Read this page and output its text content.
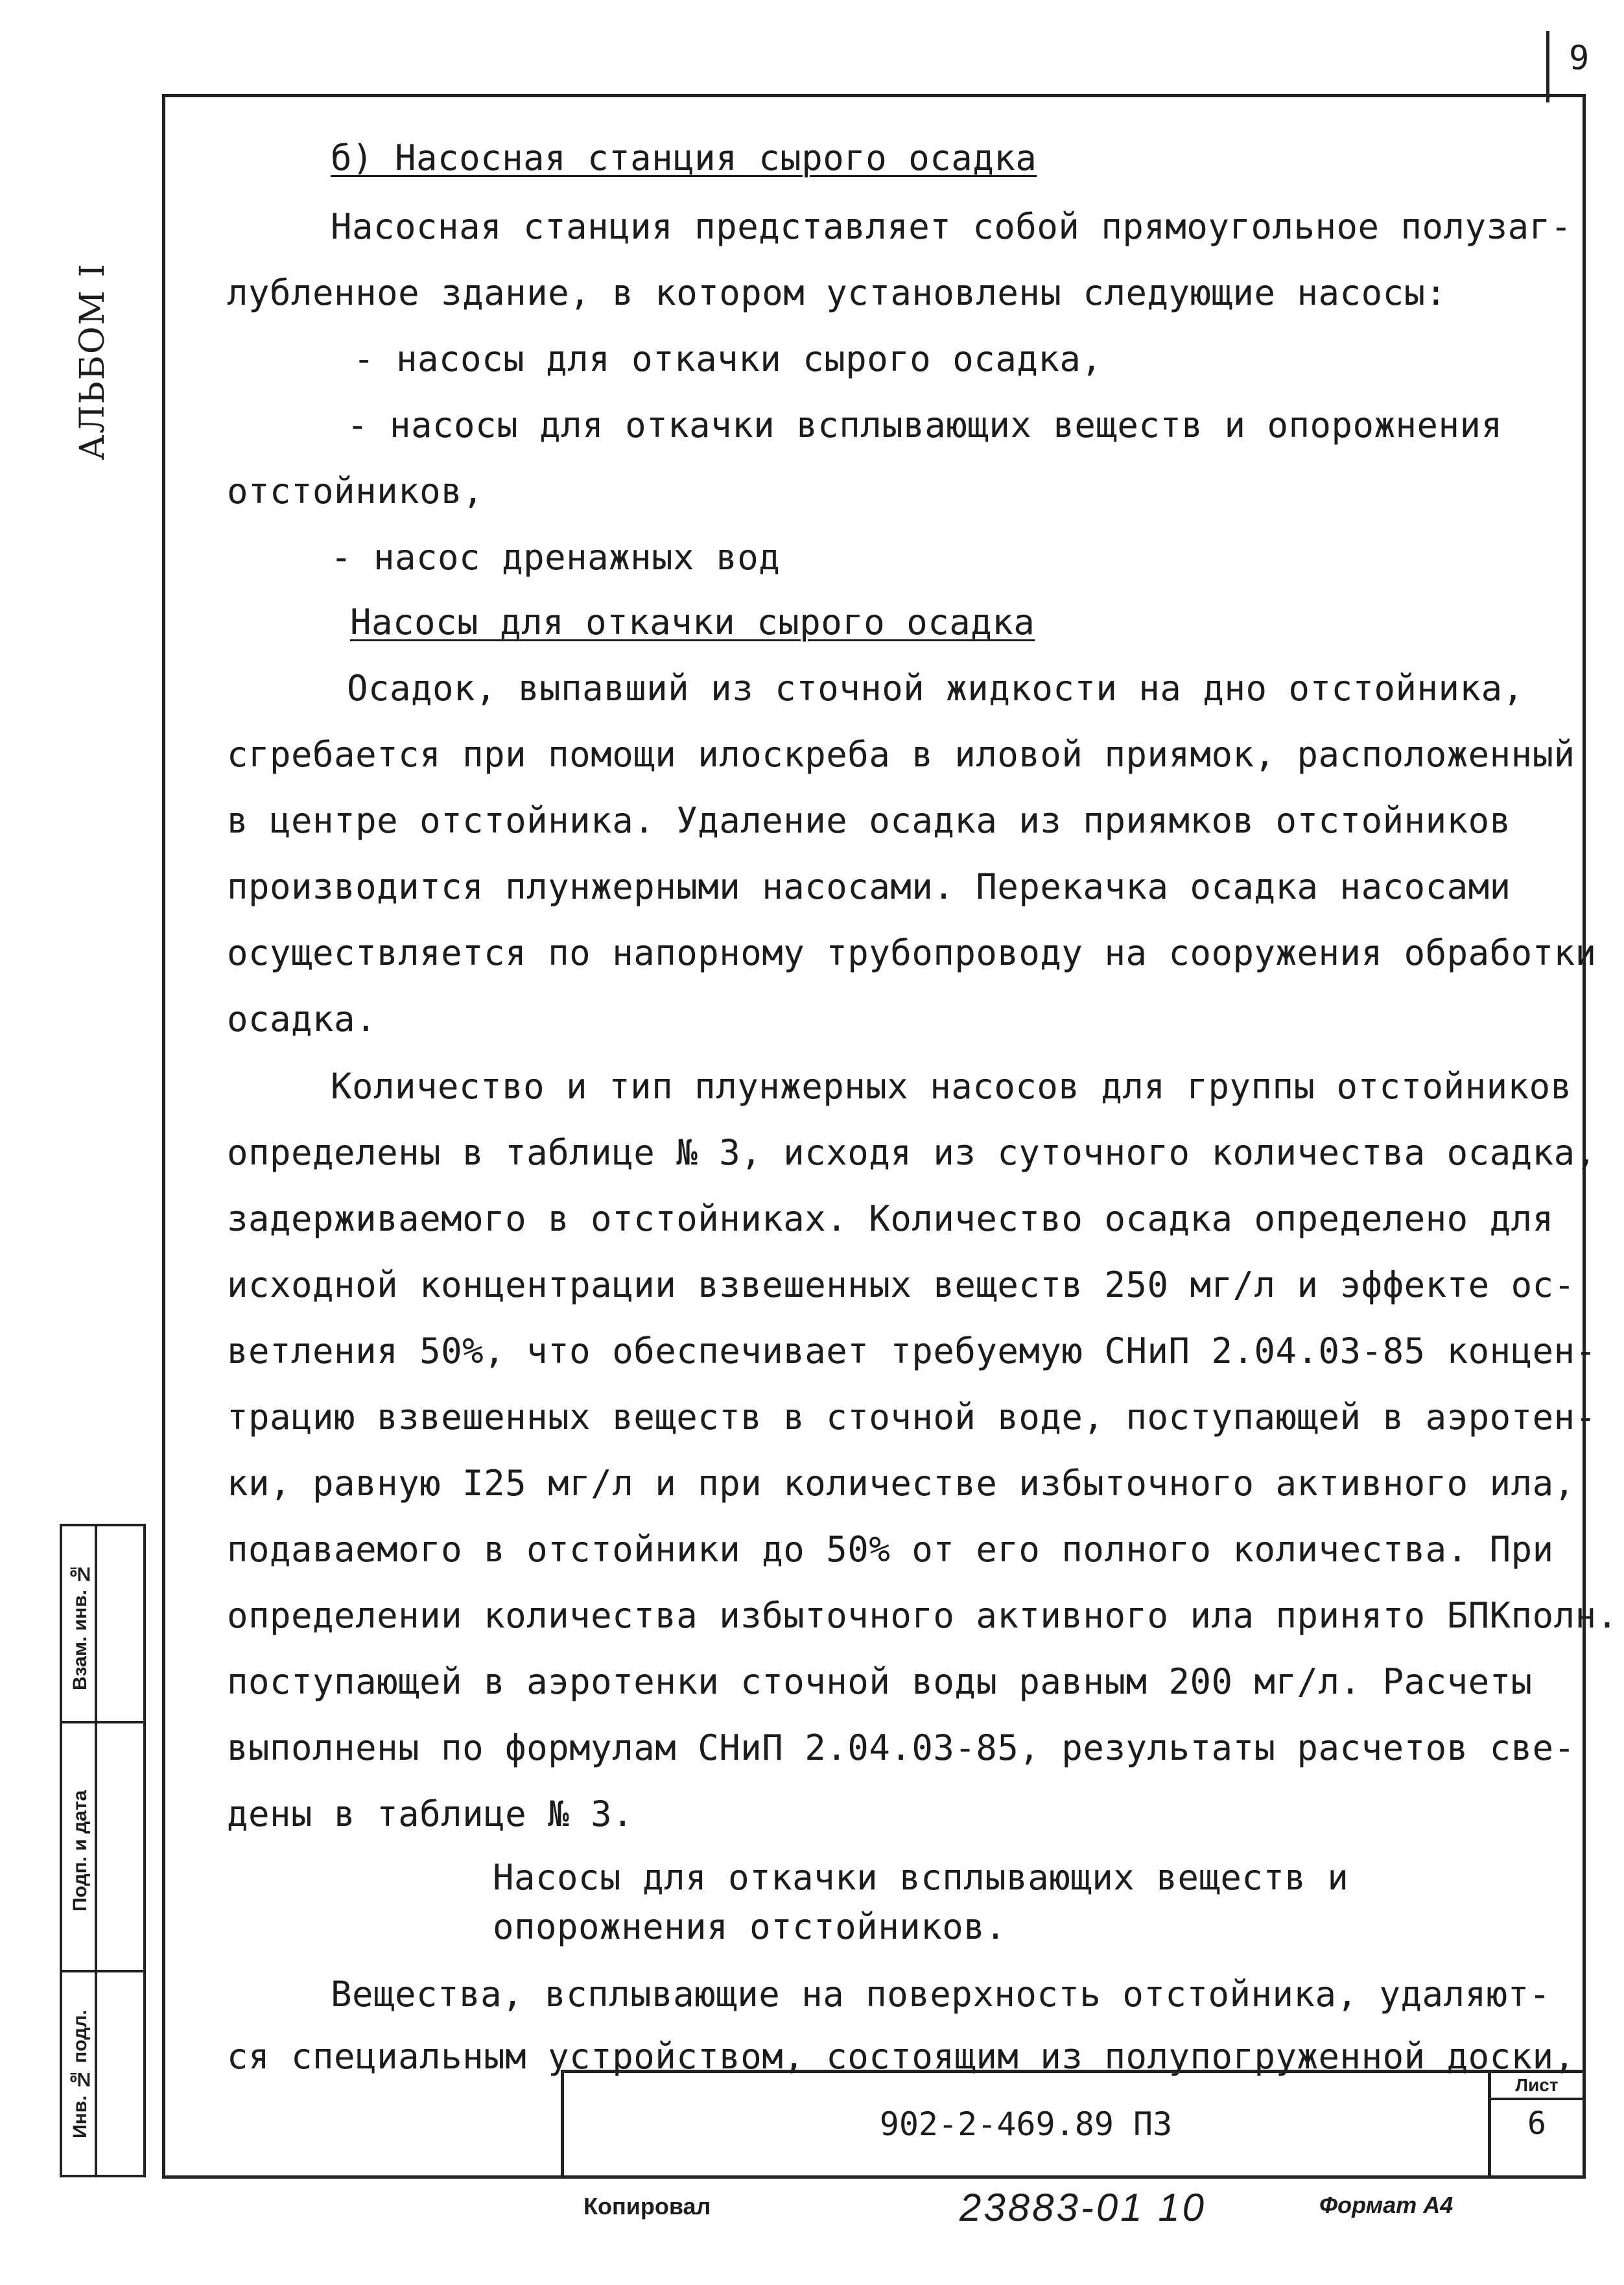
9
АЛЬБОМ I
б) Насосная станция сырого осадка
Насосная станция представляет собой прямоугольное полузаг-
лубленное здание, в котором установлены следующие насосы:
- насосы для откачки сырого осадка,
- насосы для откачки всплывающих веществ и опорожнения
отстойников,
- насос дренажных вод
Насосы для откачки сырого осадка
Осадок, выпавший из сточной жидкости на дно отстойника,
сгребается при помощи илоскреба в иловой приямок, расположенный
в центре отстойника. Удаление осадка из приямков отстойников
производится плунжерными насосами. Перекачка осадка насосами
осуществляется по напорному трубопроводу на сооружения обработки
осадка.
Количество и тип плунжерных насосов для группы отстойников
определены в таблице № 3, исходя из суточного количества осадка,
задерживаемого в отстойниках. Количество осадка определено для
исходной концентрации взвешенных веществ 250 мг/л и эффекте ос-
ветления 50%, что обеспечивает требуемую СНиП 2.04.03-85 концен-
трацию взвешенных веществ в сточной воде, поступающей в аэротен-
ки, равную I25 мг/л и при количестве избыточного активного ила,
подаваемого в отстойники до 50% от его полного количества. При
определении количества избыточного активного ила принято БПКполн.
поступающей в аэротенки сточной воды равным 200 мг/л. Расчеты
выполнены по формулам СНиП 2.04.03-85, результаты расчетов све-
дены в таблице № 3.
Насосы для откачки всплывающих веществ и
опорожнения отстойников.
Вещества, всплывающие на поверхность отстойника, удаляют-
ся специальным устройством, состоящим из полупогруженной доски,
Взам. инв. №
Подп. и дата
Инв. № подл.	902-2-469.89 ПЗ
Лист
6
Копировал	23883-01 10	Формат А4
